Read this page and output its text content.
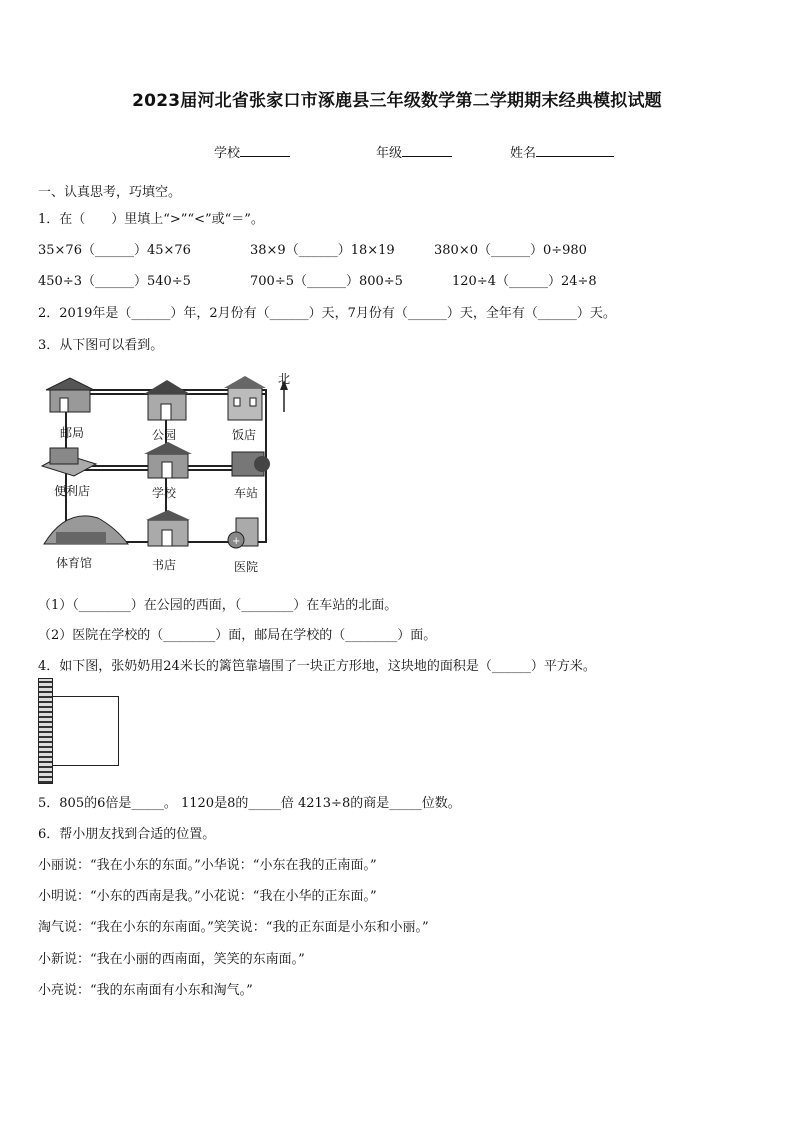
2023届河北省张家口市涿鹿县三年级数学第二学期期末经典模拟试题
学校	年级	姓名
一、认真思考，巧填空。
1．在（　　）里填上“>”“<”或“＝”。
35×76（______）45×76	38×9（______）18×19	380×0（______）0÷980
450÷3（______）540÷5	700÷5（______）800÷5	120÷4（______）24÷8
2．2019年是（______）年，2月份有（______）天，7月份有（______）天，全年有（______）天。
3．从下图可以看到。
+
北
邮局	公园	饭店
便利店	学校	车站
体育馆	书店	医院
（1）（________）在公园的西面，（________）在车站的北面。
（2）医院在学校的（________）面，邮局在学校的（________）面。
4．如下图，张奶奶用24米长的篱笆靠墙围了一块正方形地，这块地的面积是（______）平方米。
5．805的6倍是_____。 1120是8的_____倍 4213÷8的商是_____位数。
6．帮小朋友找到合适的位置。
小丽说：“我在小东的东面。”小华说：“小东在我的正南面。”
小明说：“小东的西南是我。”小花说：“我在小华的正东面。”
淘气说：“我在小东的东南面。”笑笑说：“我的正东面是小东和小丽。”
小新说：“我在小丽的西南面，笑笑的东南面。”
小亮说：“我的东南面有小东和淘气。”
